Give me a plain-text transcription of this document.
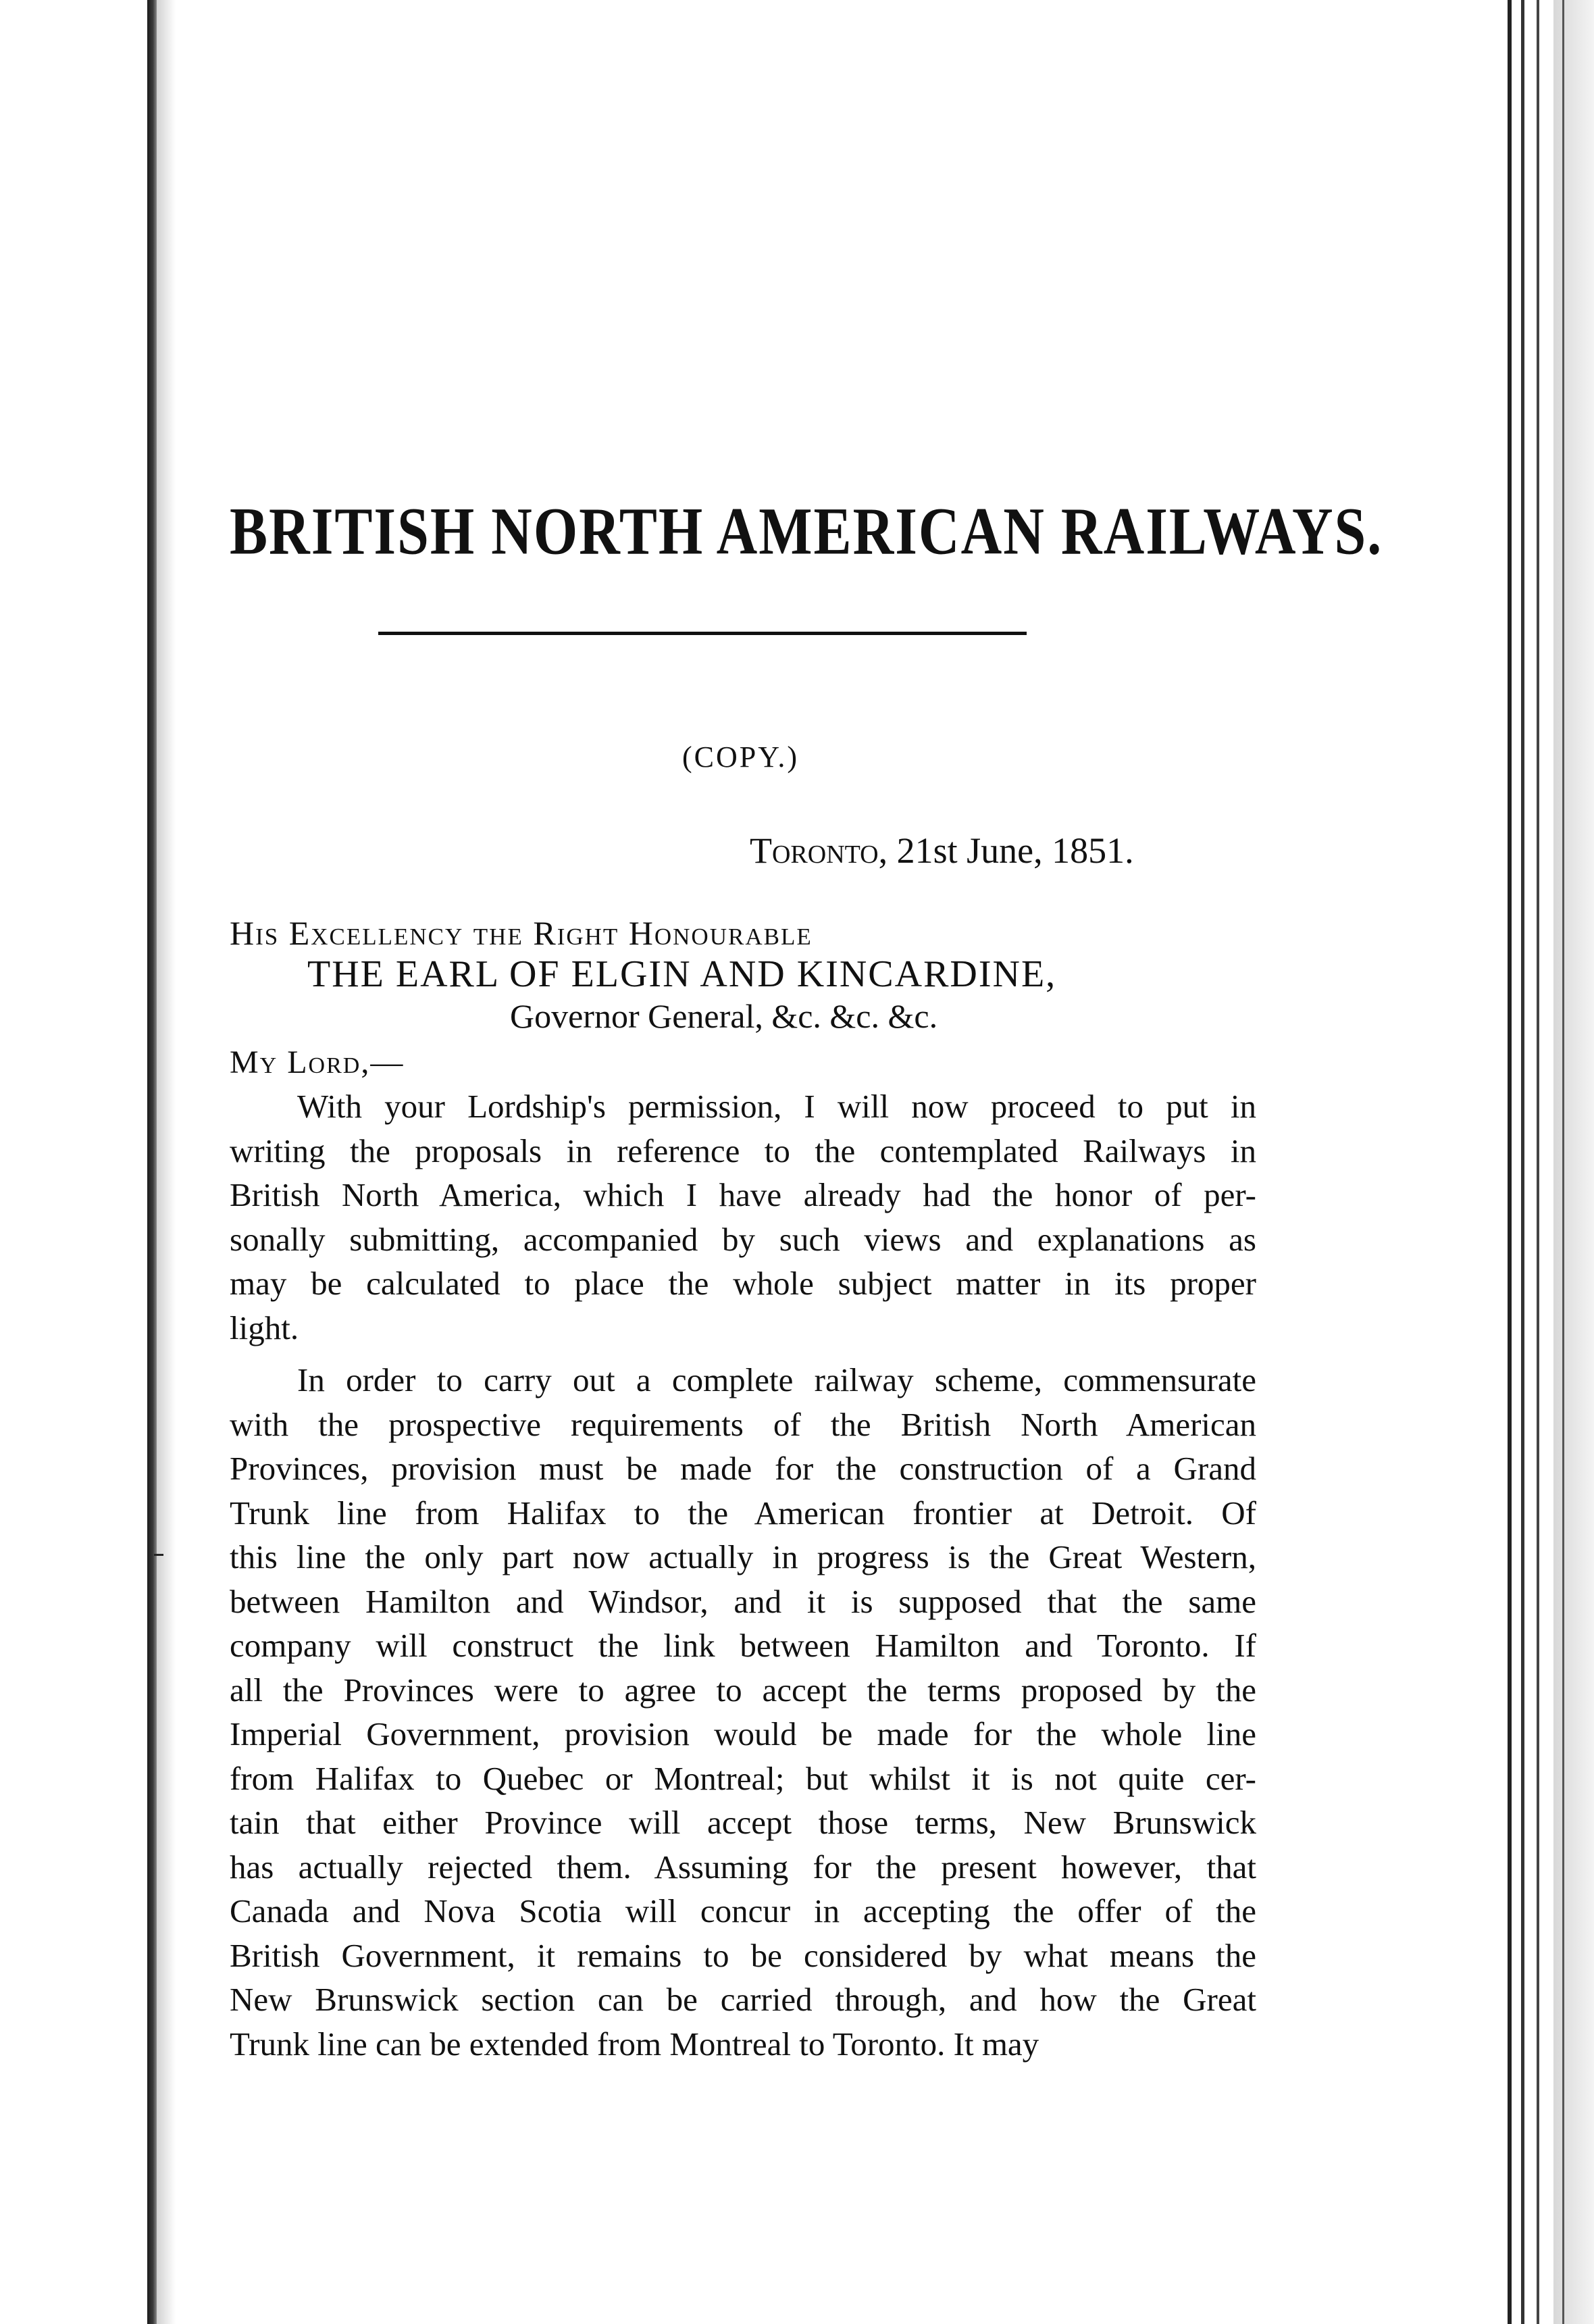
BRITISH NORTH AMERICAN RAILWAYS.
(COPY.)
Toronto, 21st June, 1851.
His Excellency the Right Honourable
THE EARL OF ELGIN AND KINCARDINE,
Governor General, &c. &c. &c.
My Lord,—
With your Lordship's permission, I will now proceed to put in
writing the proposals in reference to the contemplated Railways in
British North America, which I have already had the honor of per-
sonally submitting, accompanied by such views and explanations as
may be calculated to place the whole subject matter in its proper
light.
In order to carry out a complete railway scheme, commensurate
with the prospective requirements of the British North American
Provinces, provision must be made for the construction of a Grand
Trunk line from Halifax to the American frontier at Detroit. Of
this line the only part now actually in progress is the Great Western,
between Hamilton and Windsor, and it is supposed that the same
company will construct the link between Hamilton and Toronto. If
all the Provinces were to agree to accept the terms proposed by the
Imperial Government, provision would be made for the whole line
from Halifax to Quebec or Montreal; but whilst it is not quite cer-
tain that either Province will accept those terms, New Brunswick
has actually rejected them. Assuming for the present however, that
Canada and Nova Scotia will concur in accepting the offer of the
British Government, it remains to be considered by what means the
New Brunswick section can be carried through, and how the Great
Trunk line can be extended from Montreal to Toronto. It may
